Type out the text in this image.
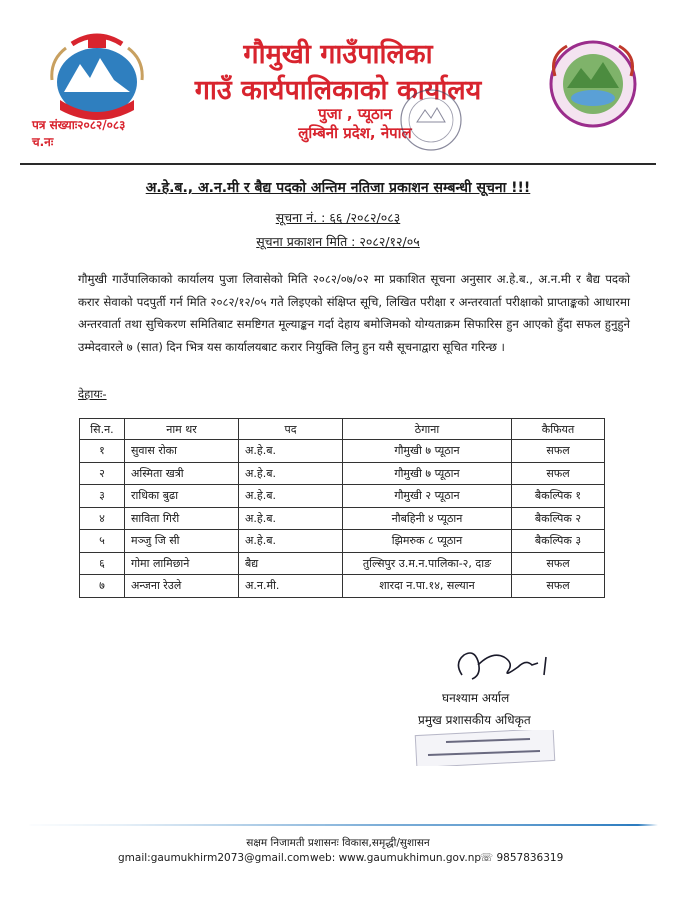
गौमुखी गाउँपालिका
गाउँ कार्यपालिकाको कार्यालय
पुजा , प्यूठान
लुम्बिनी प्रदेश, नेपाल
पत्र संख्याः२०८२/०८३
च.नः
अ.हे.ब., अ.न.मी र बैद्य पदको अन्तिम नतिजा प्रकाशन सम्बन्धी सूचना !!!
सूचना नं. : ६६ /२०८२/०८३
सूचना प्रकाशन मिति : २०८२/१२/०५
गौमुखी गाउँपालिकाको कार्यालय पुजा लिवासेको मिति २०८२/०७/०२ मा प्रकाशित सूचना अनुसार अ.हे.ब., अ.न.मी र बैद्य पदको करार सेवाको पदपुर्ती गर्न मिति २०८२/१२/०५ गते लिइएको संक्षिप्त सूचि, लिखित परीक्षा र अन्तरवार्ता परीक्षाको प्राप्ताङ्कको आधारमा अन्तरवार्ता तथा सुचिकरण समितिबाट समष्टिगत मूल्याङ्कन गर्दा देहाय बमोजिमको योग्यताक्रम सिफारिस हुन आएको हुँदा सफल हुनुहुने उम्मेदवारले ७ (सात) दिन भित्र यस कार्यालयबाट करार नियुक्ति लिनु हुन यसै सूचनाद्वारा सूचित गरिन्छ ।
देहायः-
सि.न.	नाम थर	पद	ठेगाना	कैफियत
१	सुवास रोका	अ.हे.ब.	गौमुखी ७ प्यूठान	सफल
२	अस्मिता खत्री	अ.हे.ब.	गौमुखी ७ प्यूठान	सफल
३	राधिका बुढा	अ.हे.ब.	गौमुखी २ प्यूठान	बैकल्पिक १
४	साविता गिरी	अ.हे.ब.	नौबहिनी ४ प्यूठान	बैकल्पिक २
५	मञ्जु जि सी	अ.हे.ब.	झिमरुक ८ प्यूठान	बैकल्पिक ३
६	गोमा लामिछाने	बैद्य	तुल्सिपुर उ.म.न.पालिका-२, दाङ	सफल
७	अन्जना रेउले	अ.न.मी.	शारदा न.पा.१४, सल्यान	सफल
घनश्याम अर्याल
प्रमुख प्रशासकीय अधिकृत
सक्षम निजामती प्रशासनः विकास,समृद्धी/सुशासन
gmail:gaumukhirm2073@gmail.com web: www.gaumukhimun.gov.np
☏ 9857836319
